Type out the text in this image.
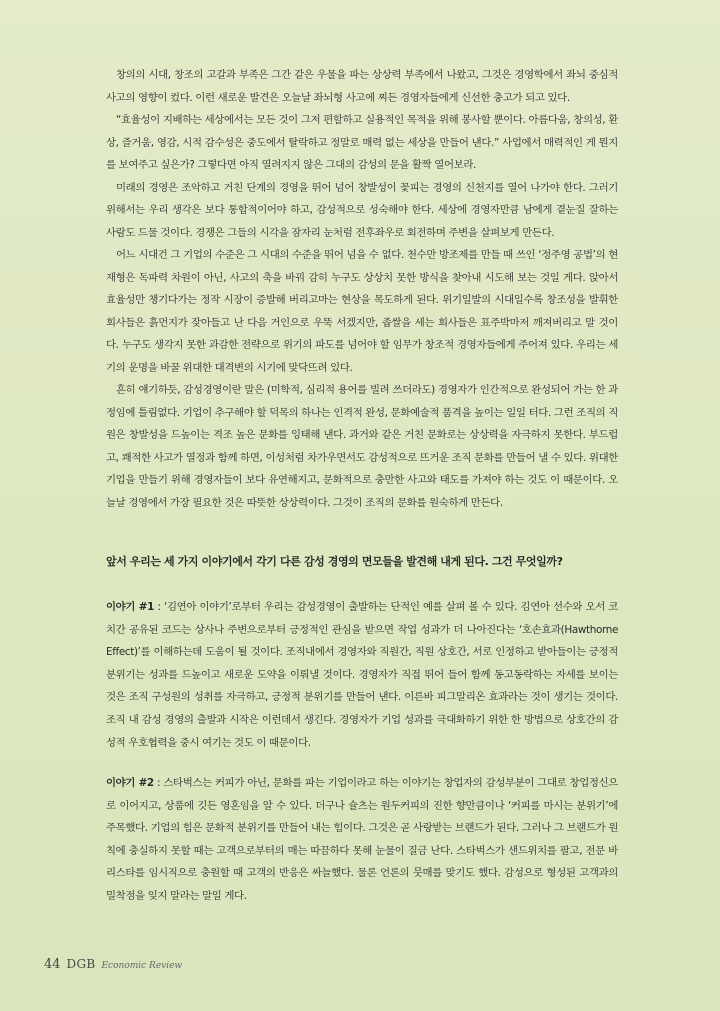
창의의 시대, 창조의 고갈과 부족은 그간 같은 우물을 파는 상상력 부족에서 나왔고, 그것은 경영학에서 좌뇌 중심적 사고의 영향이 컸다. 이런 새로운 발견은 오늘날 좌뇌형 사고에 찌든 경영자들에게 신선한 충고가 되고 있다.

“효율성이 지배하는 세상에서는 모든 것이 그저 편할하고 실용적인 목적을 위해 봉사할 뿐이다. 아름다움, 창의성, 환상, 즐거움, 영감, 시적 감수성은 중도에서 탈락하고 정말로 매력 없는 세상을 만들어 낸다.” 사업에서 매력적인 게 뭔지를 보여주고 싶은가? 그렇다면 아직 열려지지 않은 그대의 감성의 문을 활짝 열어보라.

미래의 경영은 조악하고 거친 단계의 경영을 뛰어 넘어 창발성이 꽃피는 경영의 신천지를 열어 나가야 한다. 그러기 위해서는 우리 생각은 보다 통합적이어야 하고, 감성적으로 성숙해야 한다. 세상에 경영자만큼 남에게 곁눈질 잘하는 사람도 드물 것이다. 경쟁은 그들의 시각을 잠자리 눈처럼 전후좌우로 회전하며 주변을 살펴보게 만든다.

어느 시대건 그 기업의 수준은 그 시대의 수준을 뛰어 넘을 수 없다. 천수만 방조제를 만들 때 쓰인 ‘정주영 공법’의 현재형은 독파력 차원이 아닌, 사고의 축을 바꿔 감히 누구도 상상치 못한 방식을 찾아내 시도해 보는 것일 게다. 앉아서 효율성만 챙기다가는 정작 시장이 증발해 버리고마는 현상을 목도하게 된다. 위기일발의 시대일수록 창조성을 발휘한 회사들은 흙먼지가 잦아들고 난 다음 거인으로 우뚝 서겠지만, 좁쌀을 세는 회사들은 표주박마저 깨져버리고 말 것이다. 누구도 생각지 못한 과감한 전략으로 위기의 파도를 넘어야 할 임무가 창조적 경영자들에게 주어져 있다. 우리는 세기의 운명을 바꿀 위대한 대격변의 시기에 맞닥뜨려 있다.

흔히 얘기하듯, 감성경영이란 말은 (미학적, 심리적 용어를 빌려 쓰더라도) 경영자가 인간적으로 완성되어 가는 한 과정임에 틀림없다. 기업이 추구해야 할 덕목의 하나는 인격적 완성, 문화예술적 품격을 높이는 일일 터다. 그런 조직의 직원은 창발성을 드높이는 격조 높은 문화를 잉태해 낸다. 과거와 같은 거친 문화로는 상상력을 자극하지 못한다. 부드럽고, 쾌적한 사고가 열정과 함께 하면, 이성처럼 차가우면서도 감성적으로 뜨거운 조직 문화를 만들어 낼 수 있다. 위대한 기업을 만들기 위해 경영자들이 보다 유연해지고, 문화적으로 충만한 사고와 태도를 가져야 하는 것도 이 때문이다. 오늘날 경영에서 가장 필요한 것은 따뜻한 상상력이다. 그것이 조직의 문화를 원숙하게 만든다.

앞서 우리는 세 가지 이야기에서 각기 다른 감성 경영의 면모들을 발견해 내게 된다. 그건 무엇일까?

이야기 #1 : ‘김연아 이야기’로부터 우리는 감성경영이 출발하는 단적인 예를 살펴 볼 수 있다. 김연아 선수와 오서 코치간 공유된 코드는 상사나 주변으로부터 긍정적인 관심을 받으면 작업 성과가 더 나아진다는 ‘호손효과(Hawthorne Effect)’를 이해하는데 도움이 될 것이다. 조직내에서 경영자와 직원간, 직원 상호간, 서로 인정하고 받아들이는 긍정적 분위기는 성과를 드높이고 새로운 도약을 이뤄낼 것이다. 경영자가 직접 뛰어 들어 함께 동고동락하는 자세를 보이는 것은 조직 구성원의 성취를 자극하고, 긍정적 분위기를 만들어 낸다. 이른바 피그말리온 효과라는 것이 생기는 것이다. 조직 내 감성 경영의 출발과 시작은 이런데서 생긴다. 경영자가 기업 성과를 극대화하기 위한 한 방법으로 상호간의 감성적 우호협력을 중시 여기는 것도 이 때문이다.

이야기 #2 : 스타벅스는 커피가 아닌, 문화를 파는 기업이라고 하는 이야기는 창업자의 감성부분이 그대로 창업정신으로 이어지고, 상품에 깃든 영혼임을 알 수 있다. 더구나 슐츠는 원두커피의 진한 향만큼이나 ‘커피를 마시는 분위기’에 주목했다. 기업의 힘은 문화적 분위기를 만들어 내는 힘이다. 그것은 곧 사랑받는 브랜드가 된다. 그러나 그 브랜드가 원칙에 충실하지 못할 때는 고객으로부터의 매는 따끔하다 못해 눈물이 질금 난다. 스타벅스가 샌드위치를 팔고, 전문 바리스타를 임시직으로 충원할 때 고객의 반응은 싸늘했다. 물론 언론의 뭇매를 맞기도 했다. 감성으로 형성된 고객과의 밀착점을 잊지 말라는 말일 게다.

44 DGB Economic Review
